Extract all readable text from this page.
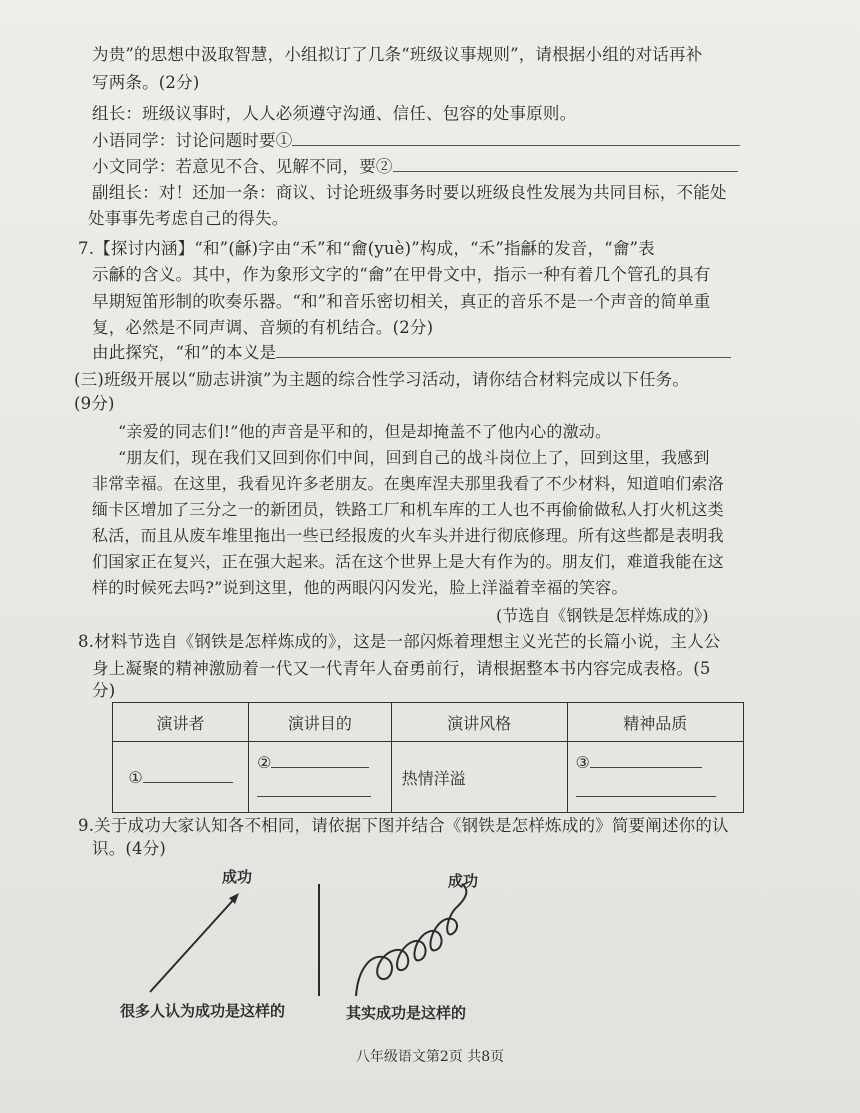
为贵”的思想中汲取智慧，小组拟订了几条“班级议事规则”，请根据小组的对话再补
写两条。(2分)
组长：班级议事时，人人必须遵守沟通、信任、包容的处事原则。
小语同学：讨论问题时要①
小文同学：若意见不合、见解不同，要②
副组长：对！还加一条：商议、讨论班级事务时要以班级良性发展为共同目标，不能处
处事事先考虑自己的得失。
7.【探讨内涵】“和”(龢)字由“禾”和“龠(yuè)”构成，“禾”指龢的发音，“龠”表
示龢的含义。其中，作为象形文字的“龠”在甲骨文中，指示一种有着几个管孔的具有
早期短笛形制的吹奏乐器。“和”和音乐密切相关，真正的音乐不是一个声音的简单重
复，必然是不同声调、音频的有机结合。(2分)
由此探究，“和”的本义是
(三)班级开展以“励志讲演”为主题的综合性学习活动，请你结合材料完成以下任务。
(9分)
“亲爱的同志们!”他的声音是平和的，但是却掩盖不了他内心的激动。
“朋友们，现在我们又回到你们中间，回到自己的战斗岗位上了，回到这里，我感到
非常幸福。在这里，我看见许多老朋友。在奥库涅夫那里我看了不少材料，知道咱们索洛
缅卡区增加了三分之一的新团员，铁路工厂和机车库的工人也不再偷偷做私人打火机这类
私活，而且从废车堆里拖出一些已经报废的火车头并进行彻底修理。所有这些都是表明我
们国家正在复兴，正在强大起来。活在这个世界上是大有作为的。朋友们，难道我能在这
样的时候死去吗?”说到这里，他的两眼闪闪发光，脸上洋溢着幸福的笑容。
(节选自《钢铁是怎样炼成的》)
8.材料节选自《钢铁是怎样炼成的》，这是一部闪烁着理想主义光芒的长篇小说，主人公
身上凝聚的精神激励着一代又一代青年人奋勇前行，请根据整本书内容完成表格。(5
分)
演讲者	演讲目的	演讲风格	精神品质
①	②	热情洋溢	③
9.关于成功大家认知各不相同，请依据下图并结合《钢铁是怎样炼成的》简要阐述你的认
识。(4分)
成功	成功
很多人认为成功是这样的	其实成功是这样的
八年级语文第2页 共8页
